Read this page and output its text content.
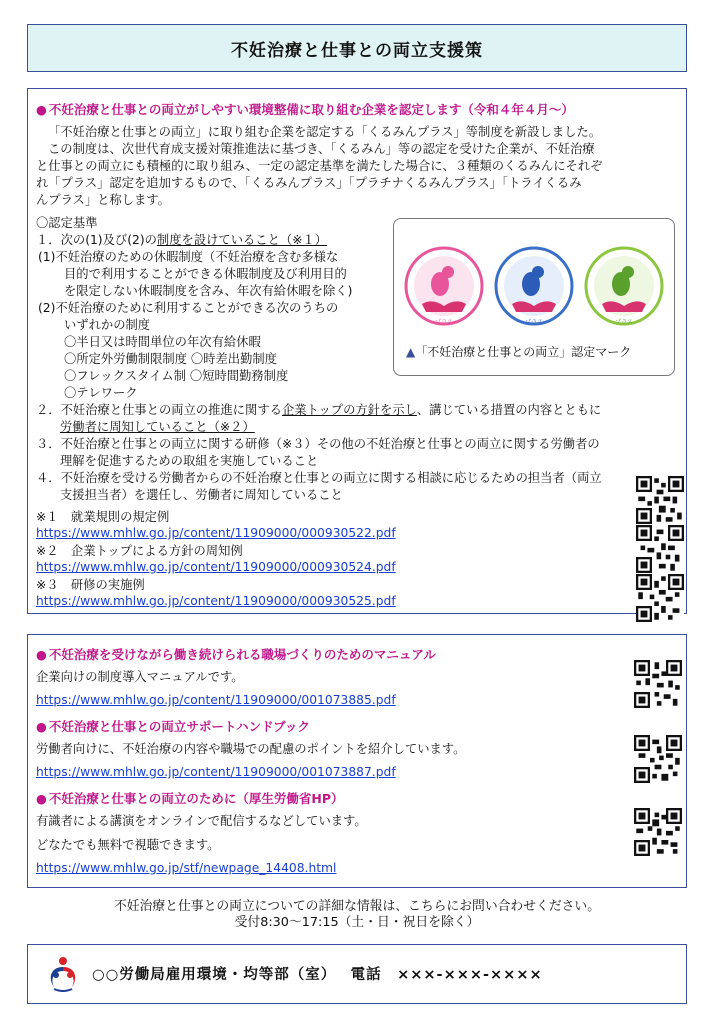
不妊治療と仕事との両立支援策
● 不妊治療と仕事との両立がしやすい環境整備に取り組む企業を認定します（令和４年４月～）
「不妊治療と仕事との両立」に取り組む企業を認定する「くるみんプラス」等制度を新設しました。
この制度は、次世代育成支援対策推進法に基づき、「くるみん」等の認定を受けた企業が、不妊治療
と仕事との両立にも積極的に取り組み、一定の認定基準を満たした場合に、３種類のくるみんにそれぞ
れ「プラス」認定を追加するもので、「くるみんプラス」「プラチナくるみんプラス」「トライくるみ
んプラス」と称します。
〇認定基準
１．次の(1)及び(2)の制度を設けていること（※１）
(1)不妊治療のための休暇制度（不妊治療を含む多様な
目的で利用することができる休暇制度及び利用目的
を限定しない休暇制度を含み、年次有給休暇を除く)
(2)不妊治療のために利用することができる次のうちの
いずれかの制度
〇半日又は時間単位の年次有給休暇
〇所定外労働制限制度 〇時差出勤制度
〇フレックスタイム制 〇短時間勤務制度
〇テレワーク
２．不妊治療と仕事との両立の推進に関する企業トップの方針を示し、講じている措置の内容とともに
労働者に周知していること（※２）
３．不妊治療と仕事との両立に関する研修（※３）その他の不妊治療と仕事との両立に関する労働者の
理解を促進するための取組を実施していること
４．不妊治療を受ける労働者からの不妊治療と仕事との両立に関する相談に応じるための担当者（両立
支援担当者）を選任し、労働者に周知していること
※１　就業規則の規定例
https://www.mhlw.go.jp/content/11909000/000930522.pdf
※２　企業トップによる方針の周知例
https://www.mhlw.go.jp/content/11909000/000930524.pdf
※３　研修の実施例
https://www.mhlw.go.jp/content/11909000/000930525.pdf
プラス	プラス	プラス
▲「不妊治療と仕事との両立」認定マーク
● 不妊治療を受けながら働き続けられる職場づくりのためのマニュアル
企業向けの制度導入マニュアルです。
https://www.mhlw.go.jp/content/11909000/001073885.pdf
● 不妊治療と仕事との両立サポートハンドブック
労働者向けに、不妊治療の内容や職場での配慮のポイントを紹介しています。
https://www.mhlw.go.jp/content/11909000/001073887.pdf
● 不妊治療と仕事との両立のために（厚生労働省HP）
有識者による講演をオンラインで配信するなどしています。
どなたでも無料で視聴できます。
https://www.mhlw.go.jp/stf/newpage_14408.html
不妊治療と仕事との両立についての詳細な情報は、こちらにお問い合わせください。
受付8:30～17:15（土・日・祝日を除く）
○○労働局雇用環境・均等部（室）　 電話　×××-×××-××××
